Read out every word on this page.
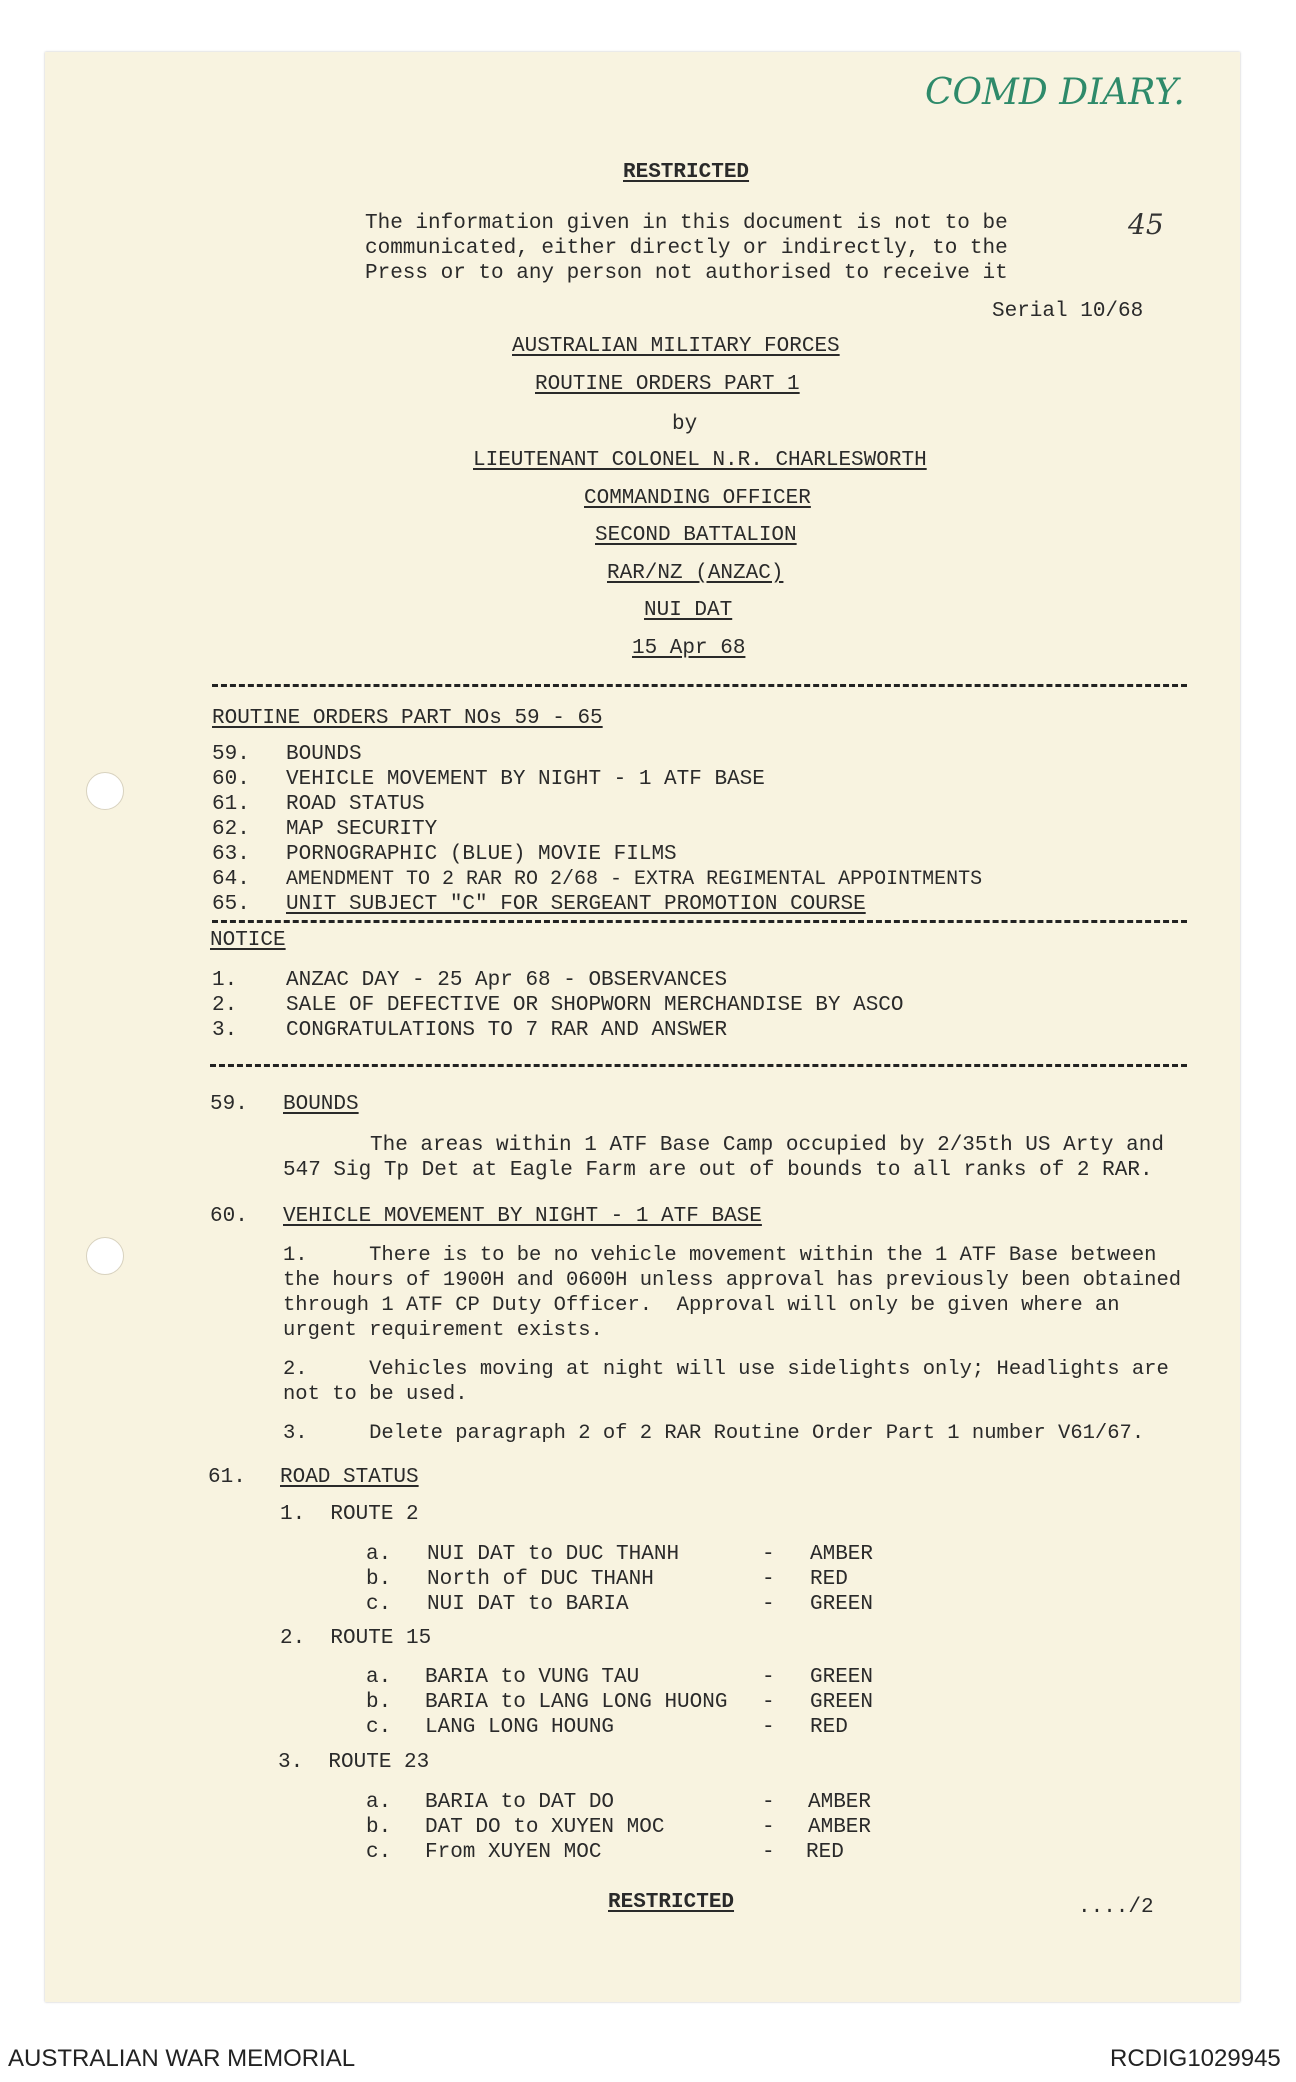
COMD DIARY.
45
RESTRICTED
The information given in this document is not to be
communicated, either directly or indirectly, to the
Press or to any person not authorised to receive it
Serial 10/68
AUSTRALIAN MILITARY FORCES
ROUTINE ORDERS PART 1
by
LIEUTENANT COLONEL N.R. CHARLESWORTH
COMMANDING OFFICER
SECOND BATTALION
RAR/NZ (ANZAC)
NUI DAT
15 Apr 68
ROUTINE ORDERS PART NOs 59 - 65
59. BOUNDS
60. VEHICLE MOVEMENT BY NIGHT - 1 ATF BASE
61. ROAD STATUS
62. MAP SECURITY
63. PORNOGRAPHIC (BLUE) MOVIE FILMS
64. AMENDMENT TO 2 RAR RO 2/68 - EXTRA REGIMENTAL APPOINTMENTS
65. UNIT SUBJECT "C" FOR SERGEANT PROMOTION COURSE
NOTICE
1. ANZAC DAY - 25 Apr 68 - OBSERVANCES
2. SALE OF DEFECTIVE OR SHOPWORN MERCHANDISE BY ASCO
3. CONGRATULATIONS TO 7 RAR AND ANSWER
59. BOUNDS
The areas within 1 ATF Base Camp occupied by 2/35th US Arty and
547 Sig Tp Det at Eagle Farm are out of bounds to all ranks of 2 RAR.
60. VEHICLE MOVEMENT BY NIGHT - 1 ATF BASE
1.     There is to be no vehicle movement within the 1 ATF Base between
the hours of 1900H and 0600H unless approval has previously been obtained
through 1 ATF CP Duty Officer.  Approval will only be given where an
urgent requirement exists.
2.     Vehicles moving at night will use sidelights only; Headlights are
not to be used.
3.     Delete paragraph 2 of 2 RAR Routine Order Part 1 number V61/67.
61. ROAD STATUS
1.  ROUTE 2
a. NUI DAT to DUC THANH	- AMBER
b. North of DUC THANH	- RED
c. NUI DAT to BARIA	- GREEN
2.  ROUTE 15
a. BARIA to VUNG TAU	- GREEN
b. BARIA to LANG LONG HUONG - GREEN
c. LANG LONG HOUNG	- RED
3.  ROUTE 23
a. BARIA to DAT DO	- AMBER
b. DAT DO to XUYEN MOC	- AMBER
c. From XUYEN MOC	- RED
RESTRICTED	..../2
AUSTRALIAN WAR MEMORIAL	RCDIG1029945
